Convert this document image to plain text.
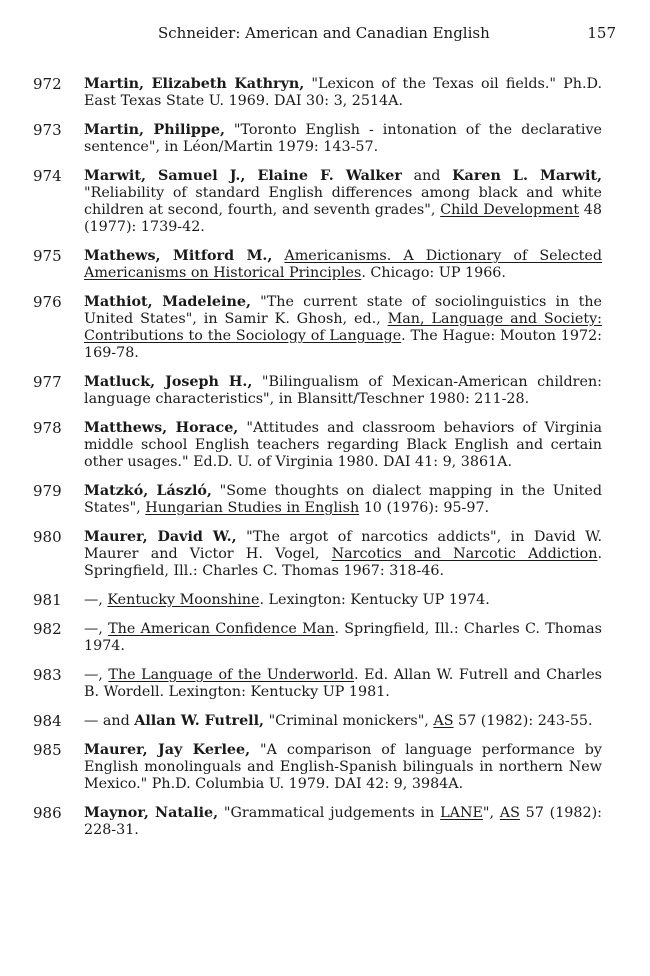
Schneider: American and Canadian English	157
972 Martin, Elizabeth Kathryn, "Lexicon of the Texas oil fields." Ph.D. East Texas State U. 1969. DAI 30: 3, 2514A.
973 Martin, Philippe, "Toronto English - intonation of the declarative sentence", in Léon/Martin 1979: 143-57.
974 Marwit, Samuel J., Elaine F. Walker and Karen L. Marwit, "Reliability of standard English differences among black and white children at second, fourth, and seventh grades", Child Development 48 (1977): 1739-42.
975 Mathews, Mitford M., Americanisms. A Dictionary of Selected Americanisms on Historical Principles. Chicago: UP 1966.
976 Mathiot, Madeleine, "The current state of sociolinguistics in the United States", in Samir K. Ghosh, ed., Man, Language and Society: Contributions to the Sociology of Language. The Hague: Mouton 1972: 169-78.
977 Matluck, Joseph H., "Bilingualism of Mexican-American children: language characteristics", in Blansitt/Teschner 1980: 211-28.
978 Matthews, Horace, "Attitudes and classroom behaviors of Virginia middle school English teachers regarding Black English and certain other usages." Ed.D. U. of Virginia 1980. DAI 41: 9, 3861A.
979 Matzkó, László, "Some thoughts on dialect mapping in the United States", Hungarian Studies in English 10 (1976): 95-97.
980 Maurer, David W., "The argot of narcotics addicts", in David W. Maurer and Victor H. Vogel, Narcotics and Narcotic Addiction. Springfield, Ill.: Charles C. Thomas 1967: 318-46.
981 —, Kentucky Moonshine. Lexington: Kentucky UP 1974.
982 —, The American Confidence Man. Springfield, Ill.: Charles C. Thomas 1974.
983 —, The Language of the Underworld. Ed. Allan W. Futrell and Charles B. Wordell. Lexington: Kentucky UP 1981.
984 — and Allan W. Futrell, "Criminal monickers", AS 57 (1982): 243-55.
985 Maurer, Jay Kerlee, "A comparison of language performance by English monolinguals and English-Spanish bilinguals in northern New Mexico." Ph.D. Columbia U. 1979. DAI 42: 9, 3984A.
986 Maynor, Natalie, "Grammatical judgements in LANE", AS 57 (1982): 228-31.
